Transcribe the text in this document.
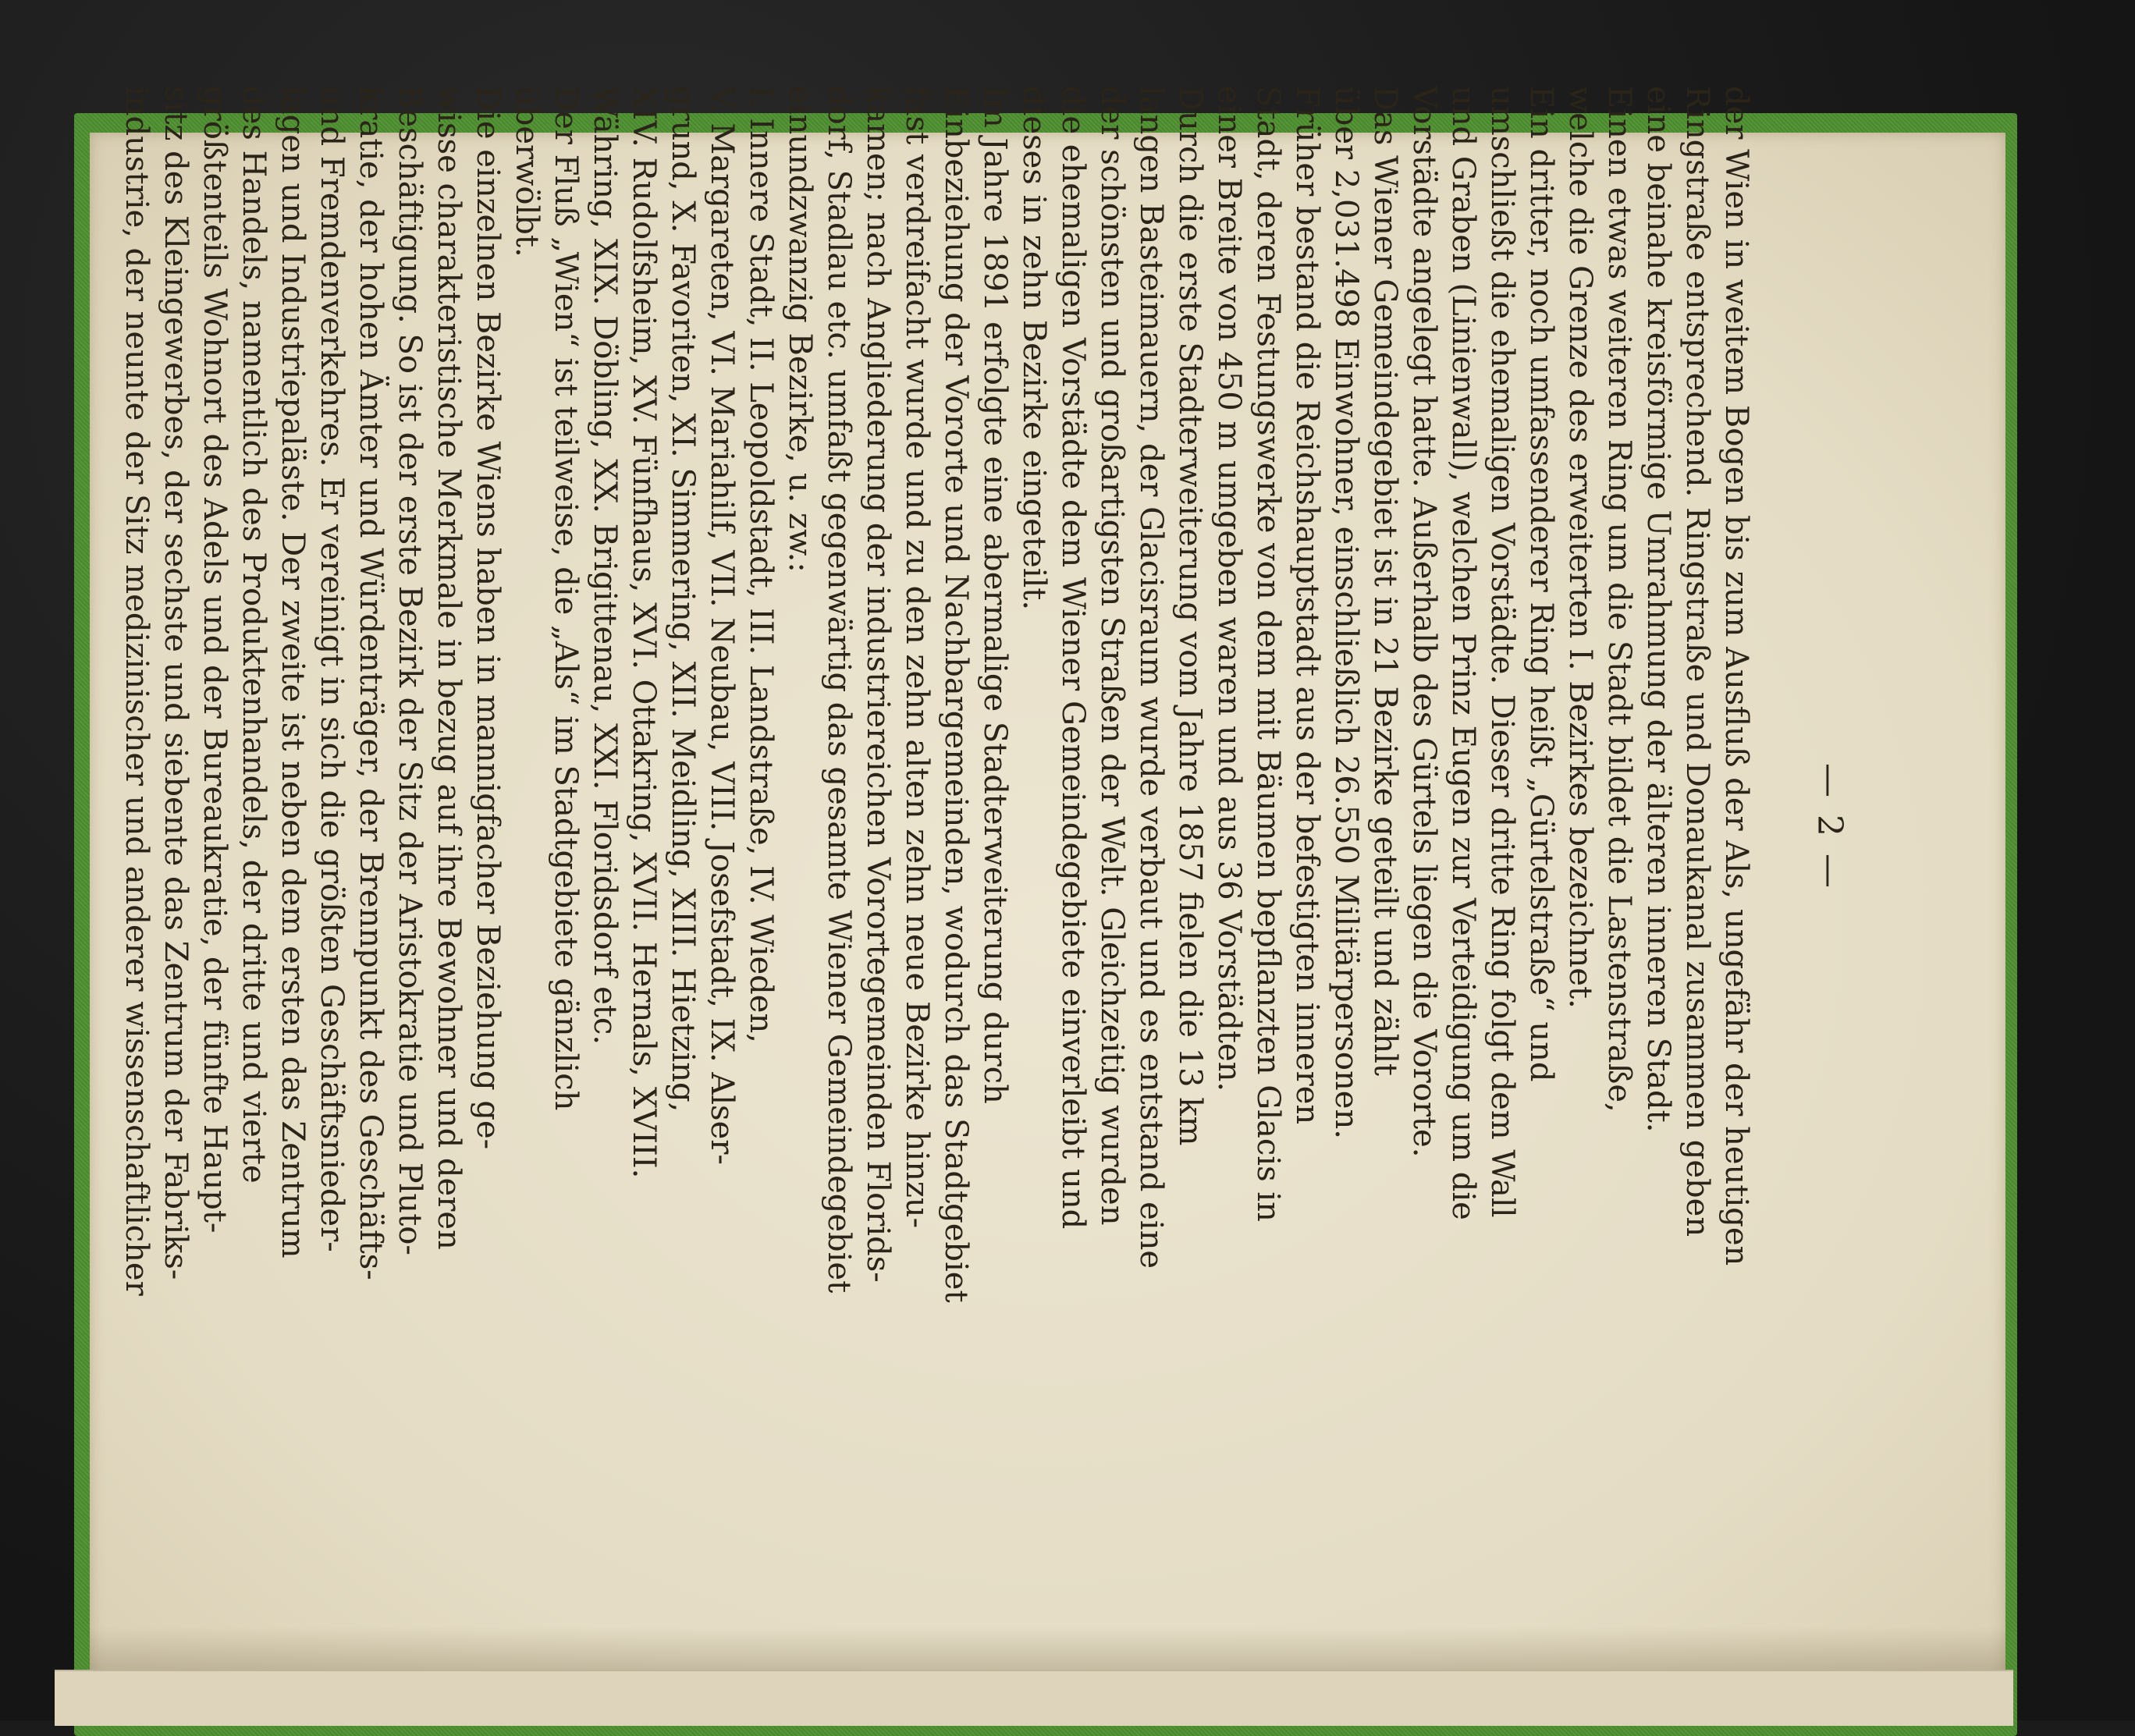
— 2 —
der Wien in weitem Bogen bis zum Ausfluß der Als, ungefähr der heutigen
Ringstraße entsprechend. Ringstraße und Donaukanal zusammen geben
eine beinahe kreisförmige Umrahmung der älteren inneren Stadt.
Einen etwas weiteren Ring um die Stadt bildet die Lastenstraße,
welche die Grenze des erweiterten I. Bezirkes bezeichnet.
Ein dritter, noch umfassenderer Ring heißt „Gürtelstraße“ und
umschließt die ehemaligen Vorstädte. Dieser dritte Ring folgt dem Wall
und Graben (Linienwall), welchen Prinz Eugen zur Verteidigung um die
Vorstädte angelegt hatte. Außerhalb des Gürtels liegen die Vororte.
Das Wiener Gemeindegebiet ist in 21 Bezirke geteilt und zählt
über 2,031.498 Einwohner, einschließlich 26.550 Militärpersonen.
Früher bestand die Reichshauptstadt aus der befestigten inneren
Stadt, deren Festungswerke von dem mit Bäumen bepflanzten Glacis in
einer Breite von 450 m umgeben waren und aus 36 Vorstädten.
Durch die erste Stadterweiterung vom Jahre 1857 fielen die 13 km
langen Basteimauern, der Glacisraum wurde verbaut und es entstand eine
der schönsten und großartigsten Straßen der Welt. Gleichzeitig wurden
die ehemaligen Vorstädte dem Wiener Gemeindegebiete einverleibt und
dieses in zehn Bezirke eingeteilt.
Im Jahre 1891 erfolgte eine abermalige Stadterweiterung durch
Einbeziehung der Vororte und Nachbargemeinden, wodurch das Stadtgebiet
fast verdreifacht wurde und zu den zehn alten zehn neue Bezirke hinzu-
kamen; nach Angliederung der industriereichen Vorortegemeinden Florids-
dorf, Stadlau etc. umfaßt gegenwärtig das gesamte Wiener Gemeindegebiet
einundzwanzig Bezirke, u. zw.:
I. Innere Stadt, II. Leopoldstadt, III. Landstraße, IV. Wieden,
V. Margareten, VI. Mariahilf, VII. Neubau, VIII. Josefstadt, IX. Alser-
grund, X. Favoriten, XI. Simmering, XII. Meidling, XIII. Hietzing,
XIV. Rudolfsheim, XV. Fünfhaus, XVI. Ottakring, XVII. Hernals, XVIII.
Währing, XIX. Döbling, XX. Brigittenau, XXI. Floridsdorf etc.
Der Fluß „Wien“ ist teilweise, die „Als“ im Stadtgebiete gänzlich
überwölbt.
Die einzelnen Bezirke Wiens haben in mannigfacher Beziehung ge-
wisse charakteristische Merkmale in bezug auf ihre Bewohner und deren
Beschäftigung. So ist der erste Bezirk der Sitz der Aristokratie und Pluto-
kratie, der hohen Ämter und Würdenträger, der Brennpunkt des Geschäfts-
und Fremdenverkehres. Er vereinigt in sich die größten Geschäftsnieder-
lagen und Industriepaläste. Der zweite ist neben dem ersten das Zentrum
des Handels, namentlich des Produktenhandels, der dritte und vierte
größtenteils Wohnort des Adels und der Bureaukratie, der fünfte Haupt-
sitz des Kleingewerbes, der sechste und siebente das Zentrum der Fabriks-
industrie, der neunte der Sitz medizinischer und anderer wissenschaftlicher
